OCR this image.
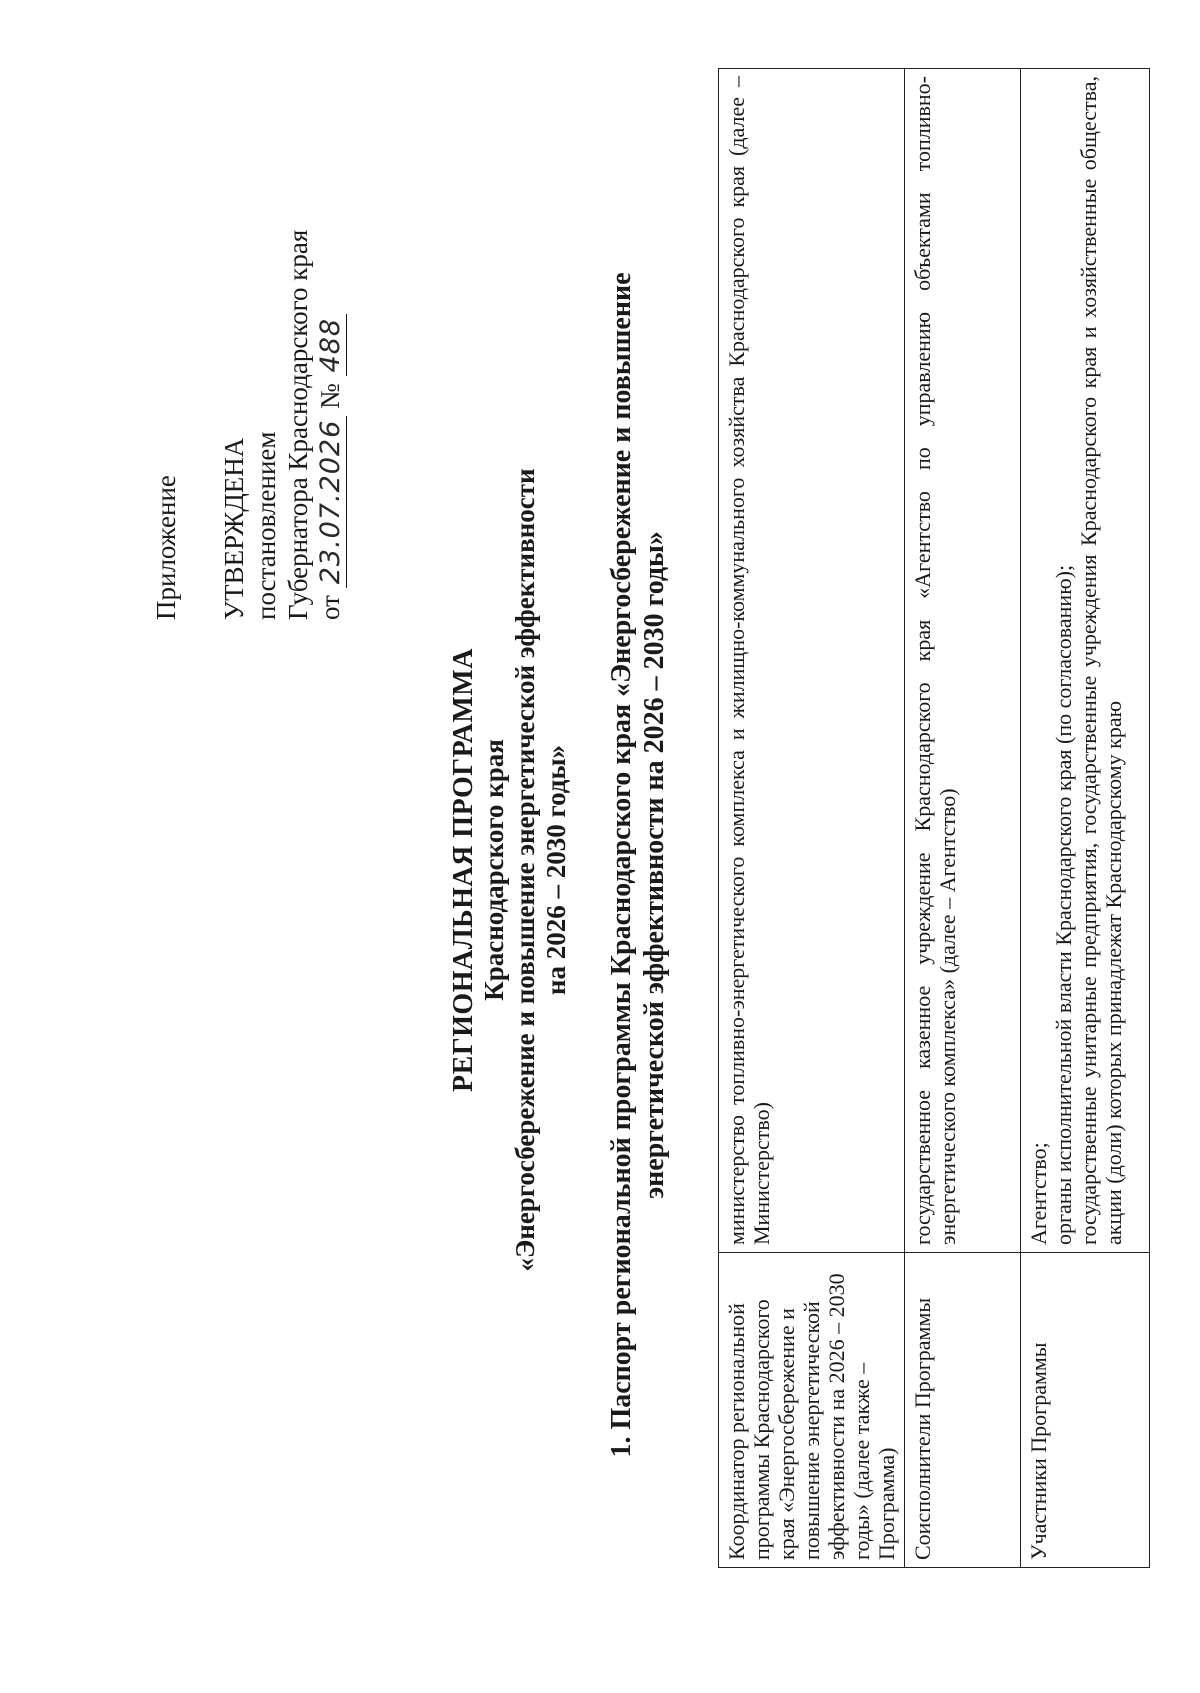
Приложение УТВЕРЖДЕНА постановлением Губернатора Краснодарского края от 23.07.2026 № 488
РЕГИОНАЛЬНАЯ ПРОГРАММА Краснодарского края «Энергосбережение и повышение энергетической эффективности на 2026 – 2030 годы» 1. Паспорт региональной программы Краснодарского края «Энергосбережение и повышение энергетической эффективности на 2026 – 2030 годы»
Координатор региональной программы Краснодарского края «Энергосбережение и повышение энергетической эффективности на 2026 – 2030 годы» (далее также – Программа)	министерство топливно-энергетического комплекса и жилищно-коммунального хозяйства Краснодарского края (далее – Министерство)

Соисполнители Программы	государственное казенное учреждение Краснодарского края «Агентство по управлению объектами топливно-энергетического комплекса» (далее – Агентство)

Участники Программы	Агентство; органы исполнительной власти Краснодарского края (по согласованию); государственные унитарные предприятия, государственные учреждения Краснодарского края и хозяйственные общества, акции (доли) которых принадлежат Краснодарскому краю
